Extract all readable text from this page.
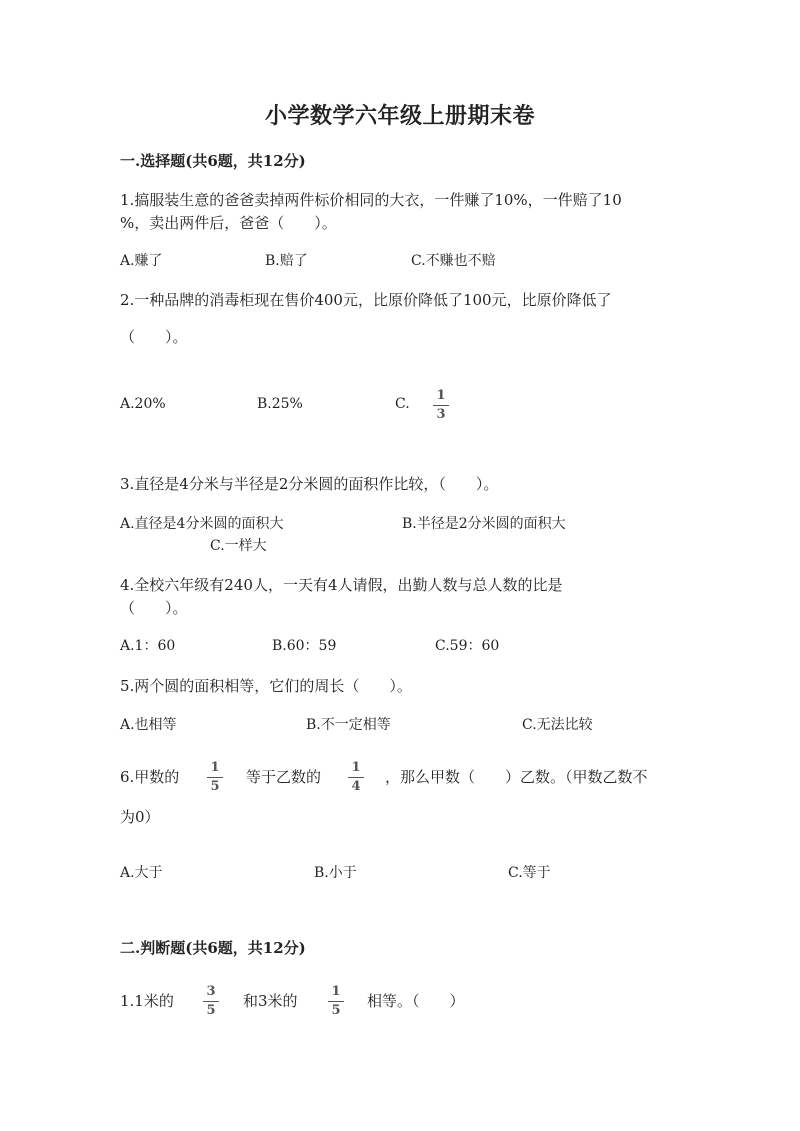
小学数学六年级上册期末卷
一.选择题(共6题，共12分)
1.搞服装生意的爸爸卖掉两件标价相同的大衣，一件赚了10%，一件赔了10
%，卖出两件后，爸爸（　　）。
A.赚了	B.赔了	C.不赚也不赔
2.一种品牌的消毒柜现在售价400元，比原价降低了100元，比原价降低了
（　　）。
A.20%	B.25%	C.
1
3
3.直径是4分米与半径是2分米圆的面积作比较，（　　）。
A.直径是4分米圆的面积大	B.半径是2分米圆的面积大
C.一样大
4.全校六年级有240人，一天有4人请假，出勤人数与总人数的比是
（　　）。
A.1：60	B.60：59	C.59：60
5.两个圆的面积相等，它们的周长（　　）。
A.也相等	B.不一定相等	C.无法比较
6.甲数的
1
5
等于乙数的
1
4
，那么甲数（　　）乙数。（甲数乙数不
为0）
A.大于	B.小于	C.等于
二.判断题(共6题，共12分)
1.1米的
3
5
和3米的
1
5
相等。（　　）
